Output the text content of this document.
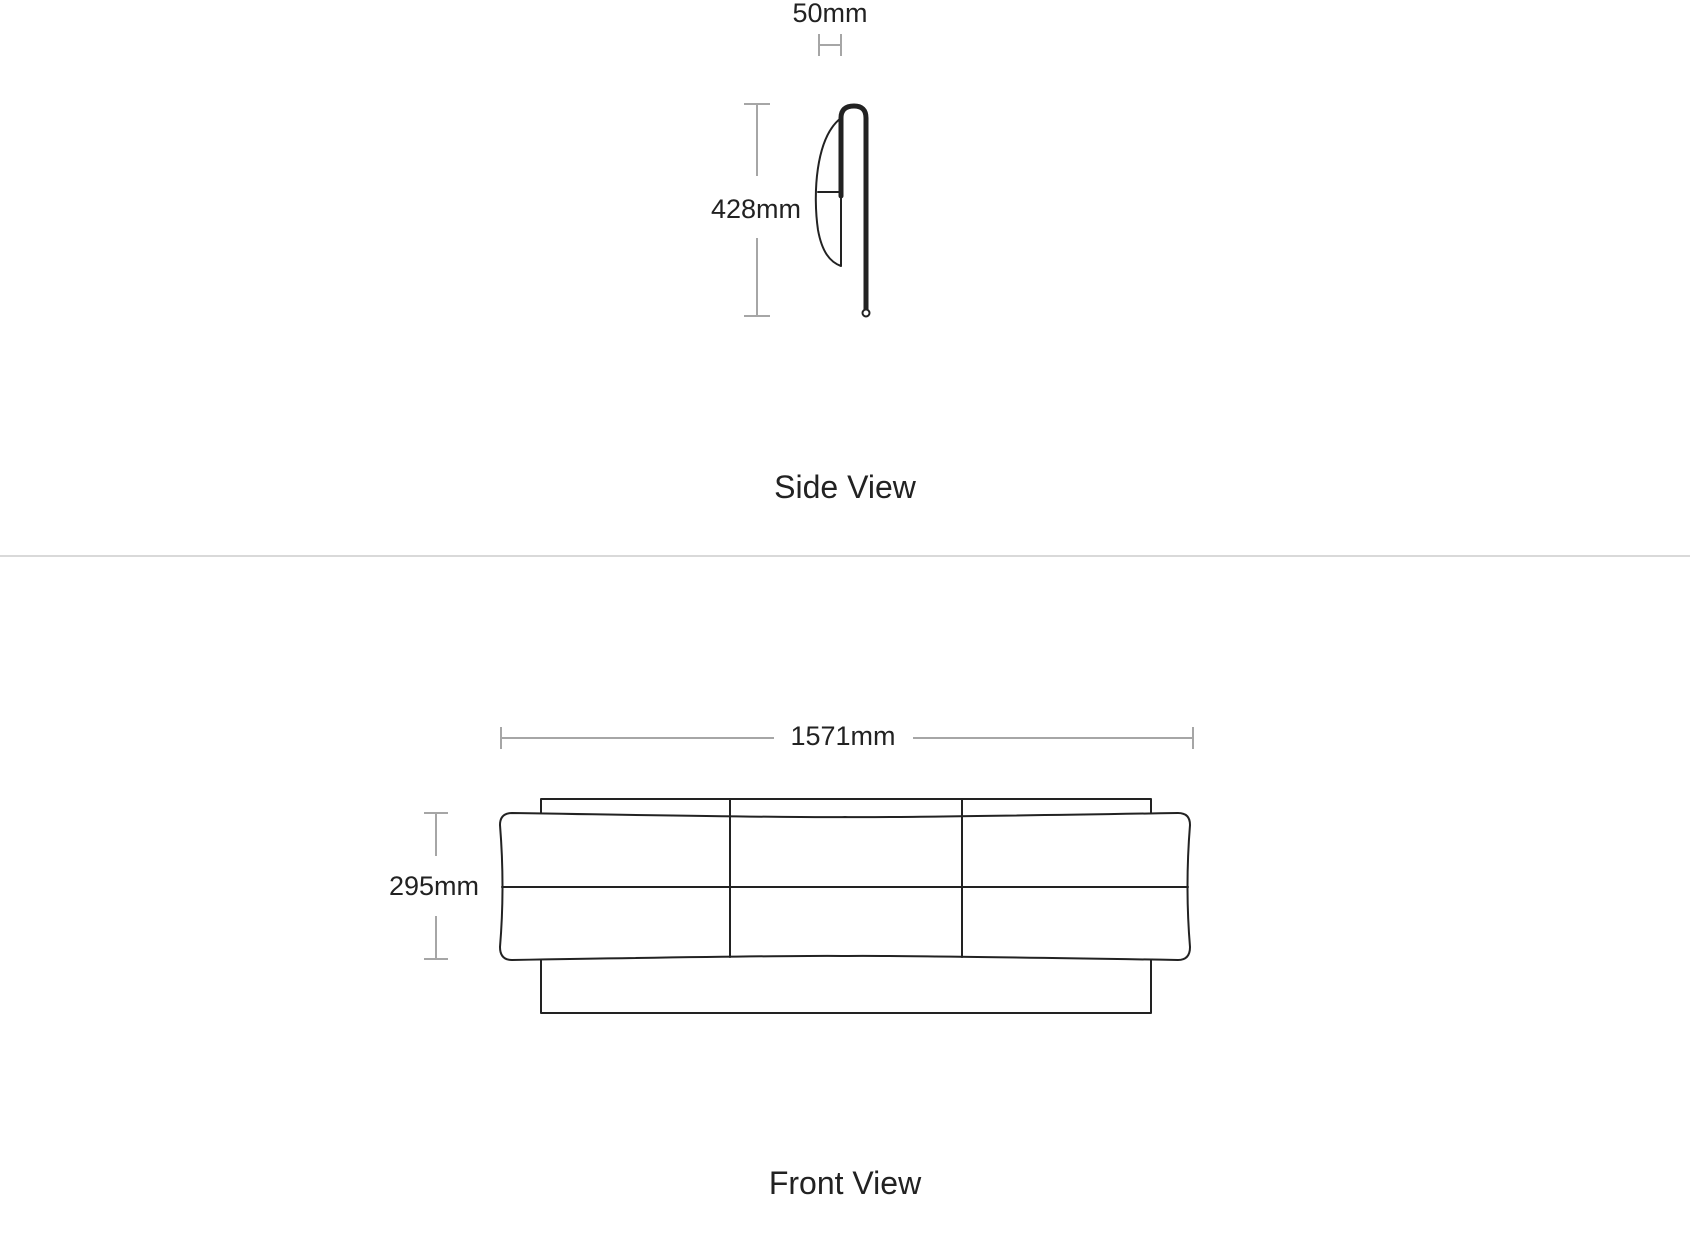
50mm
428mm
Side View
1571mm
295mm
Front View
